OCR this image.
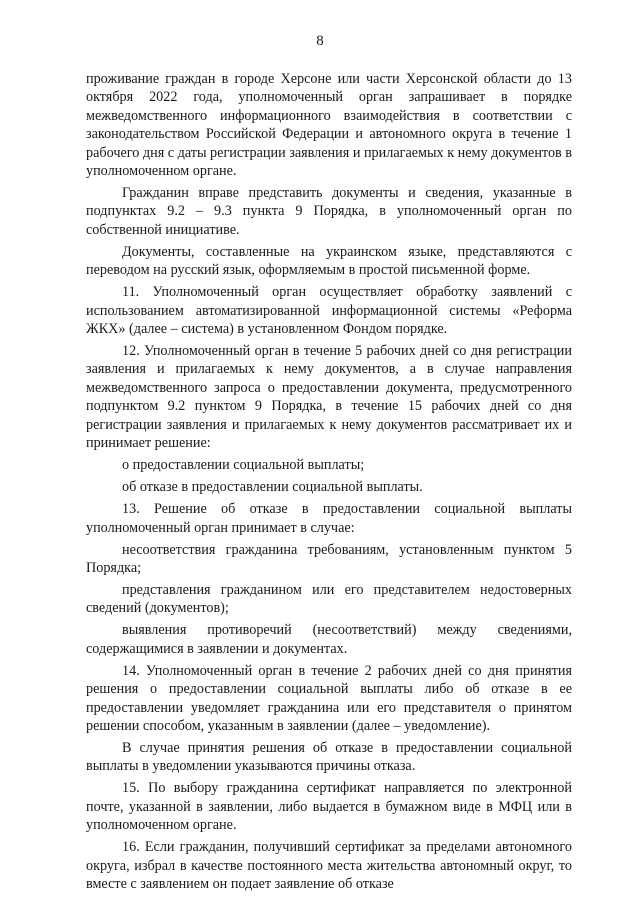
8

проживание граждан в городе Херсоне или части Херсонской области до 13 октября 2022 года, уполномоченный орган запрашивает в порядке межведомственного информационного взаимодействия в соответствии с законодательством Российской Федерации и автономного округа в течение 1 рабочего дня с даты регистрации заявления и прилагаемых к нему документов в уполномоченном органе.

Гражданин вправе представить документы и сведения, указанные в подпунктах 9.2 – 9.3 пункта 9 Порядка, в уполномоченный орган по собственной инициативе.

Документы, составленные на украинском языке, представляются с переводом на русский язык, оформляемым в простой письменной форме.

11. Уполномоченный орган осуществляет обработку заявлений с использованием автоматизированной информационной системы «Реформа ЖКХ» (далее – система) в установленном Фондом порядке.

12. Уполномоченный орган в течение 5 рабочих дней со дня регистрации заявления и прилагаемых к нему документов, а в случае направления межведомственного запроса о предоставлении документа, предусмотренного подпунктом 9.2 пунктом 9 Порядка, в течение 15 рабочих дней со дня регистрации заявления и прилагаемых к нему документов рассматривает их и принимает решение:

о предоставлении социальной выплаты;

об отказе в предоставлении социальной выплаты.

13. Решение об отказе в предоставлении социальной выплаты уполномоченный орган принимает в случае:

несоответствия гражданина требованиям, установленным пунктом 5 Порядка;

представления гражданином или его представителем недостоверных сведений (документов);

выявления противоречий (несоответствий) между сведениями, содержащимися в заявлении и документах.

14. Уполномоченный орган в течение 2 рабочих дней со дня принятия решения о предоставлении социальной выплаты либо об отказе в ее предоставлении уведомляет гражданина или его представителя о принятом решении способом, указанным в заявлении (далее – уведомление).

В случае принятия решения об отказе в предоставлении социальной выплаты в уведомлении указываются причины отказа.

15. По выбору гражданина сертификат направляется по электронной почте, указанной в заявлении, либо выдается в бумажном виде в МФЦ или в уполномоченном органе.

16. Если гражданин, получивший сертификат за пределами автономного округа, избрал в качестве постоянного места жительства автономный округ, то вместе с заявлением он подает заявление об отказе
